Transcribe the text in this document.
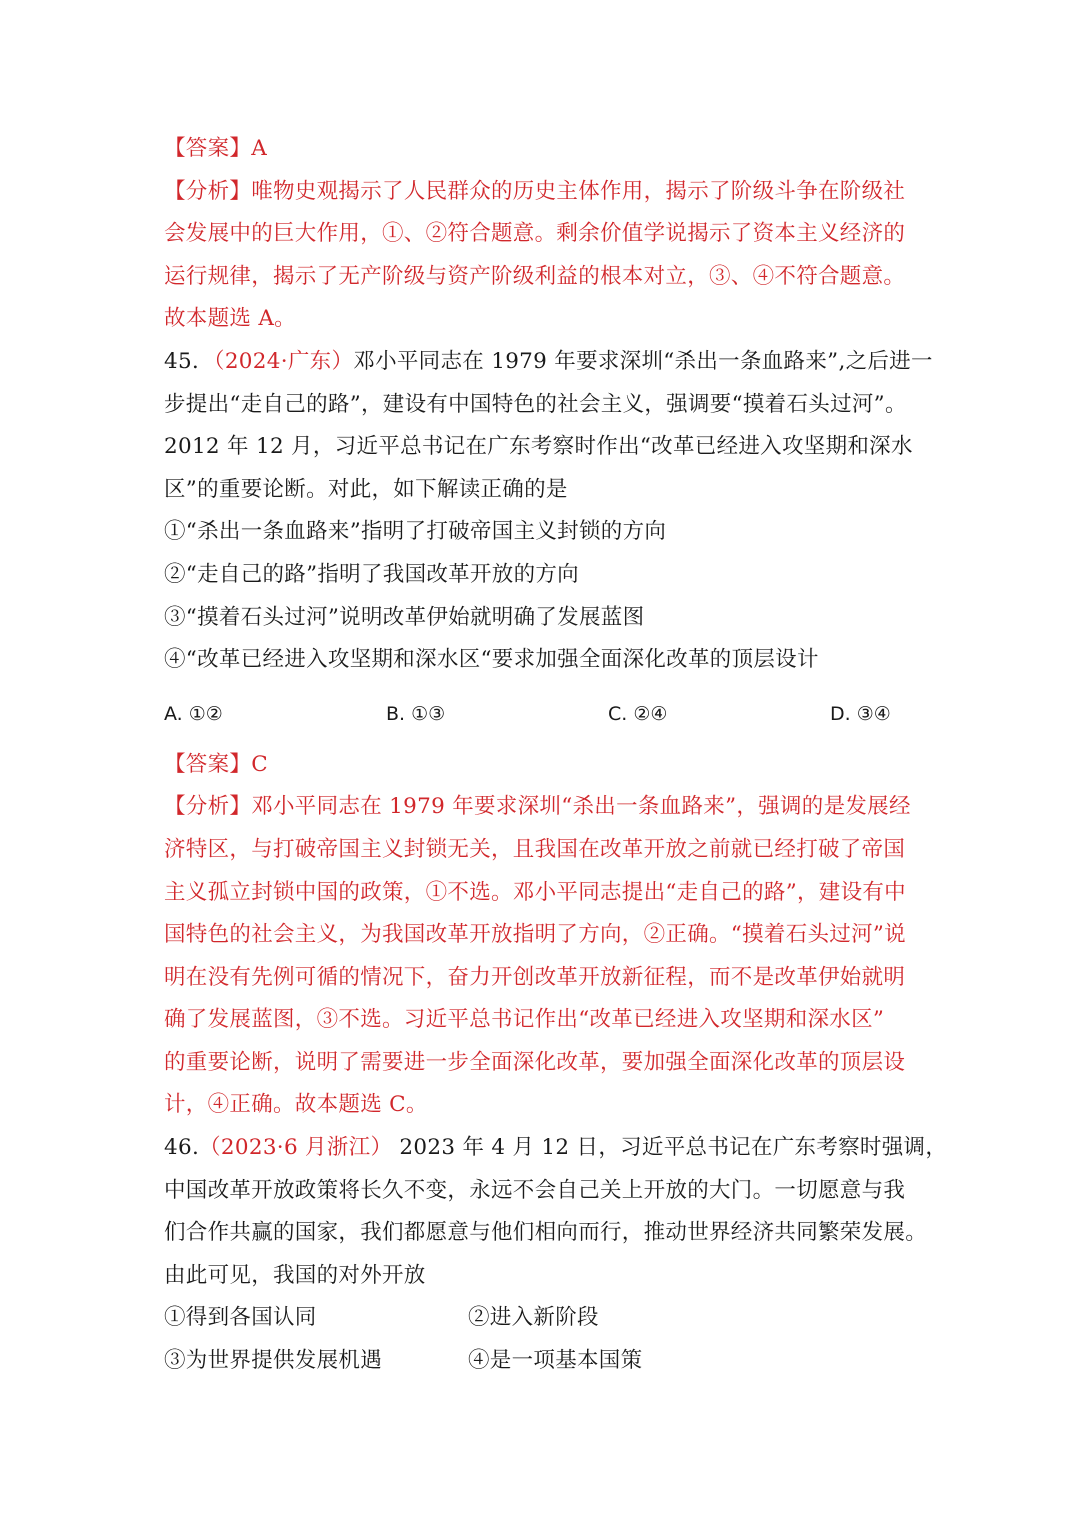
【答案】A
【分析】唯物史观揭示了人民群众的历史主体作用，揭示了阶级斗争在阶级社
会发展中的巨大作用，①、②符合题意。剩余价值学说揭示了资本主义经济的
运行规律，揭示了无产阶级与资产阶级利益的根本对立，③、④不符合题意。
故本题选 A。
45．（2024·广东）邓小平同志在 1979 年要求深圳“杀出一条血路来”,之后进一
步提出“走自己的路”，建设有中国特色的社会主义，强调要“摸着石头过河”。
2012 年 12 月，习近平总书记在广东考察时作出“改革已经进入攻坚期和深水
区”的重要论断。对此，如下解读正确的是
①“杀出一条血路来”指明了打破帝国主义封锁的方向
②“走自己的路”指明了我国改革开放的方向
③“摸着石头过河”说明改革伊始就明确了发展蓝图
④“改革已经进入攻坚期和深水区“要求加强全面深化改革的顶层设计
A. ①②	B. ①③	C. ②④	D. ③④
【答案】C
【分析】邓小平同志在 1979 年要求深圳“杀出一条血路来”，强调的是发展经
济特区，与打破帝国主义封锁无关，且我国在改革开放之前就已经打破了帝国
主义孤立封锁中国的政策，①不选。邓小平同志提出“走自己的路”，建设有中
国特色的社会主义，为我国改革开放指明了方向，②正确。“摸着石头过河”说
明在没有先例可循的情况下，奋力开创改革开放新征程，而不是改革伊始就明
确了发展蓝图，③不选。习近平总书记作出“改革已经进入攻坚期和深水区”
的重要论断，说明了需要进一步全面深化改革，要加强全面深化改革的顶层设
计，④正确。故本题选 C。
46.（2023·6 月浙江） 2023 年 4 月 12 日，习近平总书记在广东考察时强调，
中国改革开放政策将长久不变，永远不会自己关上开放的大门。一切愿意与我
们合作共赢的国家，我们都愿意与他们相向而行，推动世界经济共同繁荣发展。
由此可见，我国的对外开放
①得到各国认同	②进入新阶段
③为世界提供发展机遇	④是一项基本国策
